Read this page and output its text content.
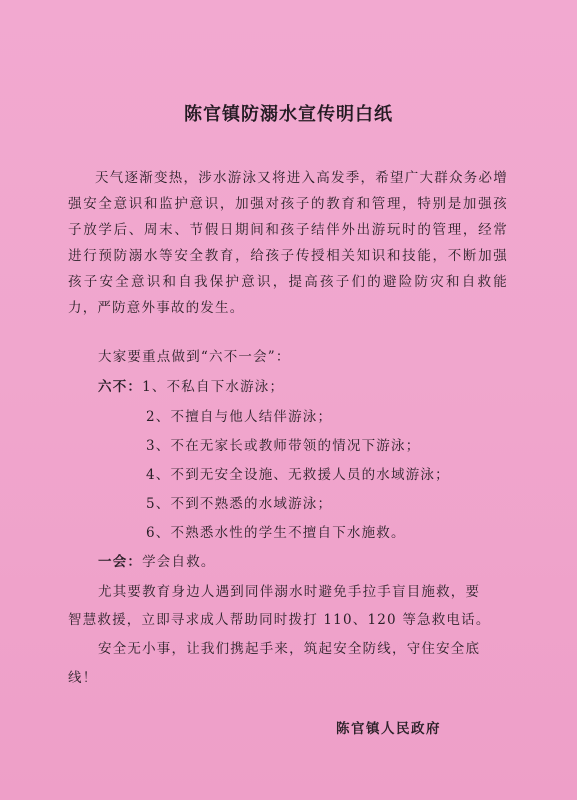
陈官镇防溺水宣传明白纸
天气逐渐变热，涉水游泳又将进入高发季，希望广大群众务必增强安全意识和监护意识，加强对孩子的教育和管理，特别是加强孩子放学后、周末、节假日期间和孩子结伴外出游玩时的管理，经常进行预防溺水等安全教育，给孩子传授相关知识和技能，不断加强孩子安全意识和自我保护意识，提高孩子们的避险防灾和自救能力，严防意外事故的发生。
大家要重点做到“六不一会”：
六不：1、不私自下水游泳；
2、不擅自与他人结伴游泳；
3、不在无家长或教师带领的情况下游泳；
4、不到无安全设施、无救援人员的水域游泳；
5、不到不熟悉的水域游泳；
6、不熟悉水性的学生不擅自下水施救。
一会：学会自救。
尤其要教育身边人遇到同伴溺水时避免手拉手盲目施救，要
智慧救援，立即寻求成人帮助同时拨打 110、120 等急救电话。
安全无小事，让我们携起手来，筑起安全防线，守住安全底
线！
陈官镇人民政府
